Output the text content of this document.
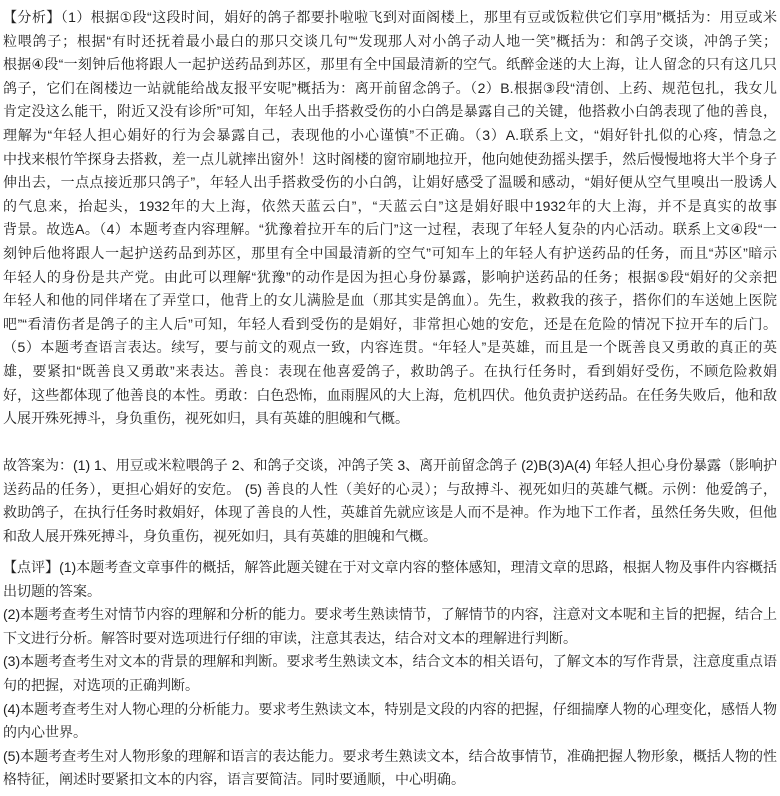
【分析】（1）根据①段“这段时间，娟好的鸽子都要扑啦啦飞到对面阁楼上，那里有豆或饭粒供它们享用”概括为：用豆或米
粒喂鸽子；根据“有时还抚着最小最白的那只交谈几句”“发现那人对小鸽子动人地一笑”概括为：和鸽子交谈，冲鸽子笑；
根据④段“一刻钟后他将跟人一起护送药品到苏区，那里有全中国最清新的空气。纸醉金迷的大上海，让人留念的只有这几只
鸽子，它们在阁楼边一站就能给战友报平安呢”概括为：离开前留念鸽子。（2）B.根据③段“清创、上药、规范包扎，我女儿
肯定没这么能干，附近又没有诊所”可知，年轻人出手搭救受伤的小白鸽是暴露自己的关键，他搭救小白鸽表现了他的善良，
理解为“年轻人担心娟好的行为会暴露自己，表现他的小心谨慎”不正确。（3）A.联系上文，“娟好针扎似的心疼，情急之
中找来根竹竿探身去搭救，差一点儿就摔出窗外！这时阁楼的窗帘刷地拉开，他向她使劲摇头摆手，然后慢慢地将大半个身子
伸出去，一点点接近那只鸽子”，年轻人出手搭救受伤的小白鸽，让娟好感受了温暖和感动，“娟好便从空气里嗅出一股诱人
的气息来，抬起头，1932年的大上海，依然天蓝云白”，“天蓝云白”这是娟好眼中1932年的大上海，并不是真实的故事
背景。故选A。（4）本题考查内容理解。“犹豫着拉开车的后门”这一过程，表现了年轻人复杂的内心活动。联系上文④段“一
刻钟后他将跟人一起护送药品到苏区，那里有全中国最清新的空气”可知车上的年轻人有护送药品的任务，而且“苏区”暗示
年轻人的身份是共产党。由此可以理解“犹豫”的动作是因为担心身份暴露，影响护送药品的任务；根据⑤段“娟好的父亲把
年轻人和他的同伴堵在了弄堂口，他背上的女儿满脸是血（那其实是鸽血）。先生，救救我的孩子，搭你们的车送她上医院
吧”“看清伤者是鸽子的主人后”可知，年轻人看到受伤的是娟好，非常担心她的安危，还是在危险的情况下拉开车的后门。
（5）本题考查语言表达。续写，要与前文的观点一致，内容连贯。“年轻人”是英雄，而且是一个既善良又勇敢的真正的英
雄，要紧扣“既善良又勇敢”来表达。善良：表现在他喜爱鸽子，救助鸽子。在执行任务时，看到娟好受伤，不顾危险救娟
好，这些都体现了他善良的本性。勇敢：白色恐怖，血雨腥风的大上海，危机四伏。他负责护送药品。在任务失败后，他和敌
人展开殊死搏斗，身负重伤，视死如归，具有英雄的胆魄和气概。
故答案为：(1) 1、用豆或米粒喂鸽子 2、和鸽子交谈，冲鸽子笑 3、离开前留念鸽子 (2)B(3)A(4) 年轻人担心身份暴露（影响护
送药品的任务），更担心娟好的安危。 (5) 善良的人性（美好的心灵）；与敌搏斗、视死如归的英雄气概。示例：他爱鸽子，
救助鸽子，在执行任务时救娟好，体现了善良的人性，英雄首先就应该是人而不是神。作为地下工作者，虽然任务失败，但他
和敌人展开殊死搏斗，身负重伤，视死如归，具有英雄的胆魄和气概。
【点评】(1)本题考查文章事件的概括，解答此题关键在于对文章内容的整体感知，理清文章的思路，根据人物及事件内容概括
出切题的答案。
(2)本题考查考生对情节内容的理解和分析的能力。要求考生熟读情节，了解情节的内容，注意对文本呢和主旨的把握，结合上
下文进行分析。解答时要对选项进行仔细的审读，注意其表达，结合对文本的理解进行判断。
(3)本题考查考生对文本的背景的理解和判断。要求考生熟读文本，结合文本的相关语句，了解文本的写作背景，注意度重点语
句的把握，对选项的正确判断。
(4)本题考查考生对人物心理的分析能力。要求考生熟读文本，特别是文段的内容的把握，仔细揣摩人物的心理变化，感悟人物
的内心世界。
(5)本题考查考生对人物形象的理解和语言的表达能力。要求考生熟读文本，结合故事情节，准确把握人物形象，概括人物的性
格特征，阐述时要紧扣文本的内容，语言要简洁。同时要通顺，中心明确。
